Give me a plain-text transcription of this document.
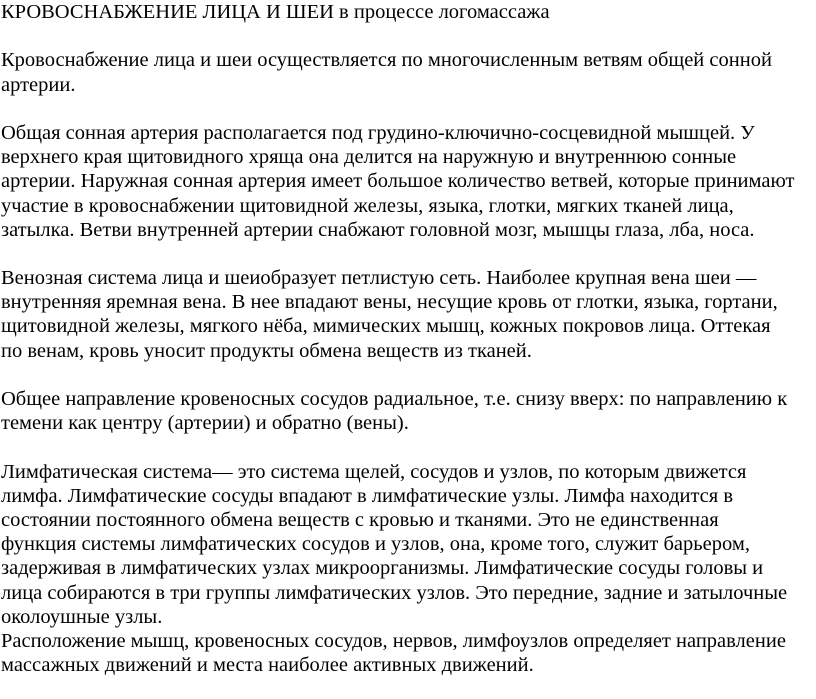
КРОВОСНАБЖЕНИЕ ЛИЦА И ШЕИ в процессе логомассажа
Кровоснабжение лица и шеи осуществляется по многочисленным ветвям общей сонной
артерии.
Общая сонная артерия располагается под грудино-ключично-сосцевидной мышцей. У
верхнего края щитовидного хряща она делится на наружную и внутреннюю сонные
артерии. Наружная сонная артерия имеет большое количество ветвей, которые принимают
участие в кровоснабжении щитовидной железы, языка, глотки, мягких тканей лица,
затылка. Ветви внутренней артерии снабжают головной мозг, мышцы глаза, лба, носа.
Венозная система лица и шеиобразует петлистую сеть. Наиболее крупная вена шеи —
внутренняя яремная вена. В нее впадают вены, несущие кровь от глотки, языка, гортани,
щитовидной железы, мягкого нёба, мимических мышц, кожных покровов лица. Оттекая
по венам, кровь уносит продукты обмена веществ из тканей.
Общее направление кровеносных сосудов радиальное, т.е. снизу вверх: по направлению к
темени как центру (артерии) и обратно (вены).
Лимфатическая система— это система щелей, сосудов и узлов, по которым движется
лимфа. Лимфатические сосуды впадают в лимфатические узлы. Лимфа находится в
состоянии постоянного обмена веществ с кровью и тканями. Это не единственная
функция системы лимфатических сосудов и узлов, она, кроме того, служит барьером,
задерживая в лимфатических узлах микроорганизмы. Лимфатические сосуды головы и
лица собираются в три группы лимфатических узлов. Это передние, задние и затылочные
околоушные узлы.
Расположение мышц, кровеносных сосудов, нервов, лимфоузлов определяет направление
массажных движений и места наиболее активных движений.
